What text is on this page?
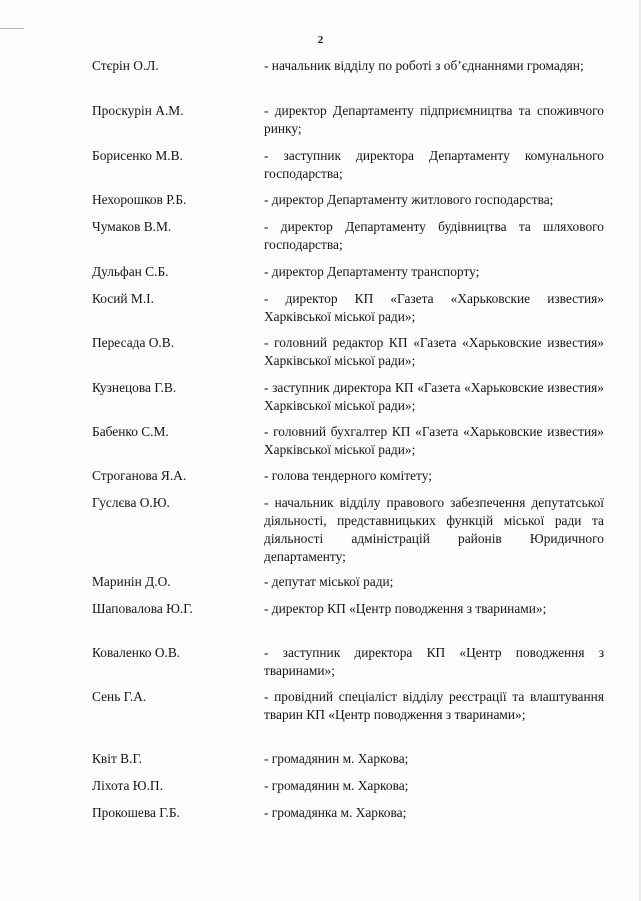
2
Стєрін О.Л.	- начальник відділу по роботі з об’єднаннями громадян;
Проскурін А.М.	- директор Департаменту підприємництва та споживчого ринку;
Борисенко М.В.	- заступник директора Департаменту комунального господарства;
Нехорошков Р.Б.	- директор Департаменту житлового господарства;
Чумаков В.М.	- директор Департаменту будівництва та шляхового господарства;
Дульфан С.Б.	- директор Департаменту транспорту;
Косий М.І.	- директор КП «Газета «Харьковские известия» Харківської міської ради»;
Пересада О.В.	- головний редактор КП «Газета «Харьковские известия» Харківської міської ради»;
Кузнецова Г.В.	- заступник директора КП «Газета «Харьковские известия» Харківської міської ради»;
Бабенко С.М.	- головний бухгалтер КП «Газета «Харьковские известия» Харківської міської ради»;
Строганова Я.А.	- голова тендерного комітету;
Гуслєва О.Ю.	- начальник відділу правового забезпечення депутатської діяльності, представницьких функцій міської ради та діяльності адміністрацій районів Юридичного департаменту;
Маринін Д.О.	- депутат міської ради;
Шаповалова Ю.Г.	- директор КП «Центр поводження з тваринами»;
Коваленко О.В.	- заступник директора КП «Центр поводження з тваринами»;
Сень Г.А.	- провідний спеціаліст відділу реєстрації та влаштування тварин КП «Центр поводження з тваринами»;
Квіт В.Г.	- громадянин м. Харкова;
Ліхота Ю.П.	- громадянин м. Харкова;
Прокошева Г.Б.	- громадянка м. Харкова;
